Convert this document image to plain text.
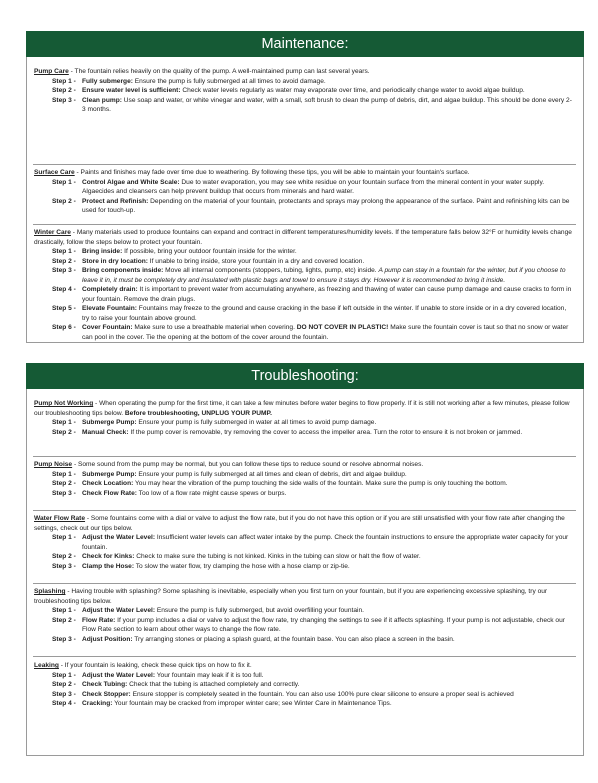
Maintenance:

Pump Care - The fountain relies heavily on the quality of the pump. A well-maintained pump can last several years.

Step 1 - Fully submerge: Ensure the pump is fully submerged at all times to avoid damage.
Step 2 - Ensure water level is sufficient: Check water levels regularly as water may evaporate over time, and periodically change water to avoid algae buildup.
Step 3 - Clean pump: Use soap and water, or white vinegar and water, with a small, soft brush to clean the pump of debris, dirt, and algae buildup. This should be done every 2-3 months.

Surface Care - Paints and finishes may fade over time due to weathering. By following these tips, you will be able to maintain your fountain's surface.

Step 1 - Control Algae and White Scale: Due to water evaporation, you may see white residue on your fountain surface from the mineral content in your water supply. Algaecides and cleansers can help prevent buildup that occurs from minerals and hard water.
Step 2 - Protect and Refinish: Depending on the material of your fountain, protectants and sprays may prolong the appearance of the surface. Paint and refinishing kits can be used for touch-up.

Winter Care - Many materials used to produce fountains can expand and contract in different temperatures/humidity levels. If the temperature falls below 32°F or humidity levels change drastically, follow the steps below to protect your fountain.

Step 1 - Bring inside: If possible, bring your outdoor fountain inside for the winter.
Step 2 - Store in dry location: If unable to bring inside, store your fountain in a dry and covered location.
Step 3 - Bring components inside: Move all internal components (stoppers, tubing, lights, pump, etc) inside. A pump can stay in a fountain for the winter, but if you choose to leave it in, it must be completely dry and insulated with plastic bags and towel to ensure it stays dry. However it is recommended to bring it inside.
Step 4 - Completely drain: It is important to prevent water from accumulating anywhere, as freezing and thawing of water can cause pump damage and cause cracks to form in your fountain. Remove the drain plugs.
Step 5 - Elevate Fountain: Fountains may freeze to the ground and cause cracking in the base if left outside in the winter. If unable to store inside or in a dry covered location, try to raise your fountain above ground.
Step 6 - Cover Fountain: Make sure to use a breathable material when covering. DO NOT COVER IN PLASTIC! Make sure the fountain cover is taut so that no snow or water can pool in the cover. Tie the opening at the bottom of the cover around the fountain.
Troubleshooting:

Pump Not Working - When operating the pump for the first time, it can take a few minutes before water begins to flow properly. If it is still not working after a few minutes, please follow our troubleshooting tips below. Before troubleshooting, UNPLUG YOUR PUMP.

Step 1 - Submerge Pump: Ensure your pump is fully submerged in water at all times to avoid pump damage.
Step 2 - Manual Check: If the pump cover is removable, try removing the cover to access the impeller area. Turn the rotor to ensure it is not broken or jammed.

Pump Noise - Some sound from the pump may be normal, but you can follow these tips to reduce sound or resolve abnormal noises.

Step 1 - Submerge Pump: Ensure your pump is fully submerged at all times and clean of debris, dirt and algae buildup.
Step 2 - Check Location: You may hear the vibration of the pump touching the side walls of the fountain. Make sure the pump is only touching the bottom.
Step 3 - Check Flow Rate: Too low of a flow rate might cause spews or burps.

Water Flow Rate - Some fountains come with a dial or valve to adjust the flow rate, but if you do not have this option or if you are still unsatisfied with your flow rate after changing the settings, check out our tips below.

Step 1 - Adjust the Water Level: Insufficient water levels can affect water intake by the pump. Check the fountain instructions to ensure the appropriate water capacity for your fountain.
Step 2 - Check for Kinks: Check to make sure the tubing is not kinked. Kinks in the tubing can slow or halt the flow of water.
Step 3 - Clamp the Hose: To slow the water flow, try clamping the hose with a hose clamp or zip-tie.

Splashing - Having trouble with splashing? Some splashing is inevitable, especially when you first turn on your fountain, but if you are experiencing excessive splashing, try our troubleshooting tips below.

Step 1 - Adjust the Water Level: Ensure the pump is fully submerged, but avoid overfilling your fountain.
Step 2 - Flow Rate: If your pump includes a dial or valve to adjust the flow rate, try changing the settings to see if it affects splashing. If your pump is not adjustable, check our Flow Rate section to learn about other ways to change the flow rate.
Step 3 - Adjust Position: Try arranging stones or placing a splash guard, at the fountain base. You can also place a screen in the basin.

Leaking - If your fountain is leaking, check these quick tips on how to fix it.

Step 1 - Adjust the Water Level: Your fountain may leak if it is too full.
Step 2 - Check Tubing: Check that the tubing is attached completely and correctly.
Step 3 - Check Stopper: Ensure stopper is completely seated in the fountain. You can also use 100% pure clear silicone to ensure a proper seal is achieved
Step 4 - Cracking: Your fountain may be cracked from improper winter care; see Winter Care in Maintenance Tips.
